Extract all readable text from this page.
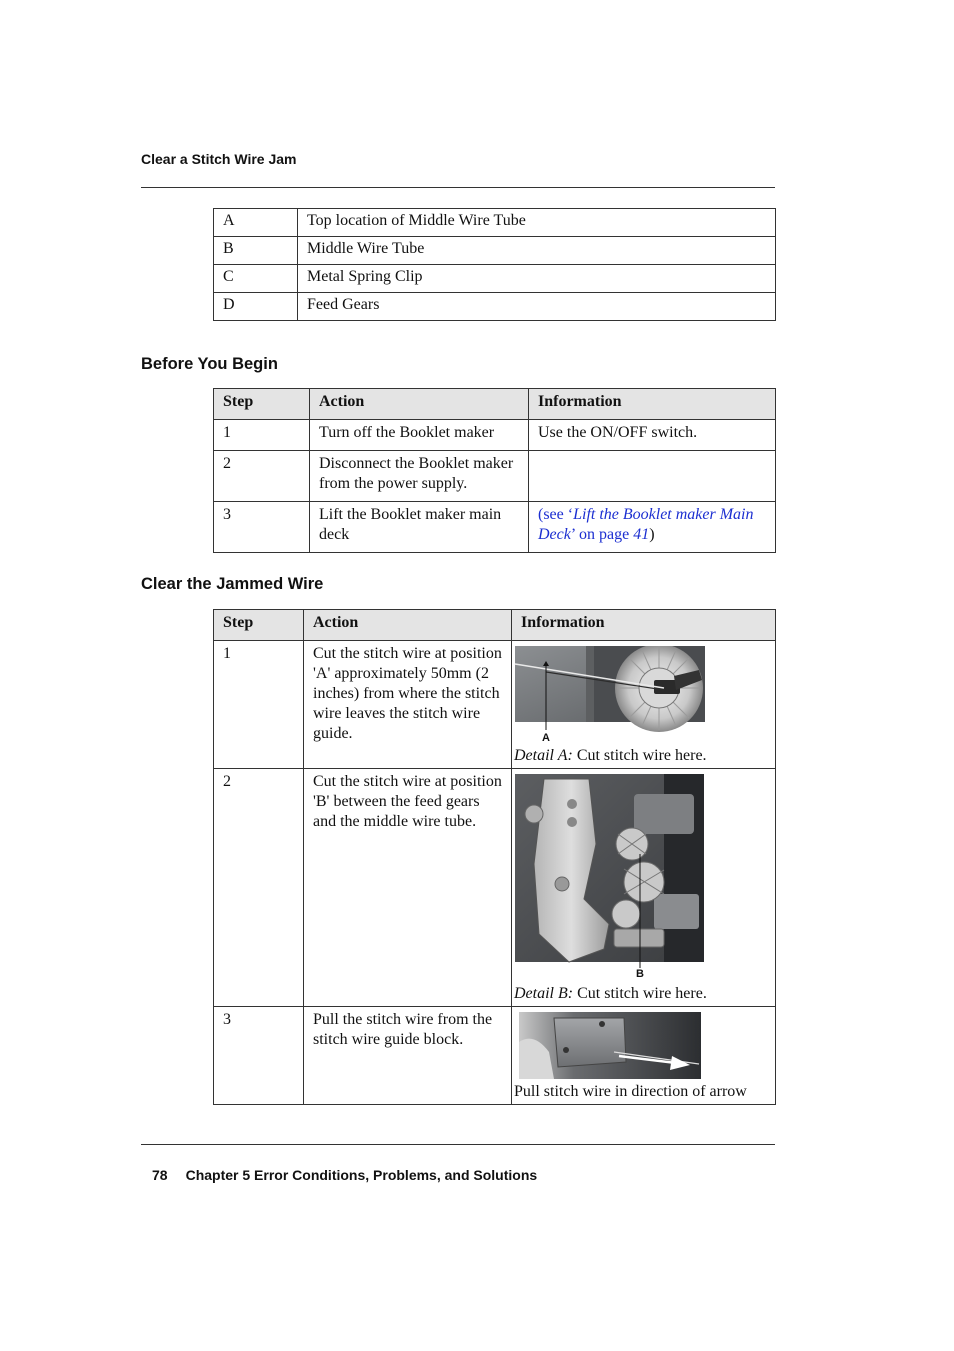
Clear a Stitch Wire Jam
A	Top location of Middle Wire Tube
B	Middle Wire Tube
C	Metal Spring Clip
D	Feed Gears
Before You Begin
Step	Action	Information
1	Turn off the Booklet maker	Use the ON/OFF switch.
2	Disconnect the Booklet maker from the power supply.	
3	Lift the Booklet maker main deck	(see ‘Lift the Booklet maker Main Deck’ on page 41)
Clear the Jammed Wire
Step	Action	Information
1	Cut the stitch wire at position 'A' approximately 50mm (2 inches) from where the stitch wire leaves the stitch wire guide.	A
Detail A: Cut stitch wire here.

2	Cut the stitch wire at position 'B' between the feed gears and the middle wire tube.	B
Detail B: Cut stitch wire here.

3	Pull the stitch wire from the stitch wire guide block.	Pull stitch wire in direction of arrow
78 Chapter 5 Error Conditions, Problems, and Solutions
